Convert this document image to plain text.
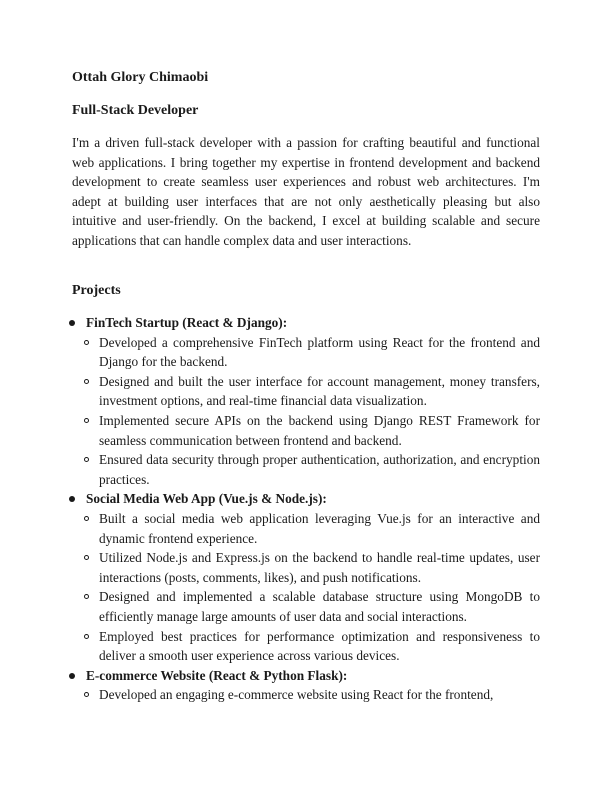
Ottah Glory Chimaobi
Full-Stack Developer

I'm a driven full-stack developer with a passion for crafting beautiful and functional web applications. I bring together my expertise in frontend development and backend development to create seamless user experiences and robust web architectures. I'm adept at building user interfaces that are not only aesthetically pleasing but also intuitive and user-friendly. On the backend, I excel at building scalable and secure applications that can handle complex data and user interactions.

Projects
FinTech Startup (React & Django):
Developed a comprehensive FinTech platform using React for the frontend and Django for the backend.
Designed and built the user interface for account management, money transfers, investment options, and real-time financial data visualization.
Implemented secure APIs on the backend using Django REST Framework for seamless communication between frontend and backend.
Ensured data security through proper authentication, authorization, and encryption practices.
Social Media Web App (Vue.js & Node.js):
Built a social media web application leveraging Vue.js for an interactive and dynamic frontend experience.
Utilized Node.js and Express.js on the backend to handle real-time updates, user interactions (posts, comments, likes), and push notifications.
Designed and implemented a scalable database structure using MongoDB to efficiently manage large amounts of user data and social interactions.
Employed best practices for performance optimization and responsiveness to deliver a smooth user experience across various devices.
E-commerce Website (React & Python Flask):
Developed an engaging e-commerce website using React for the frontend,
